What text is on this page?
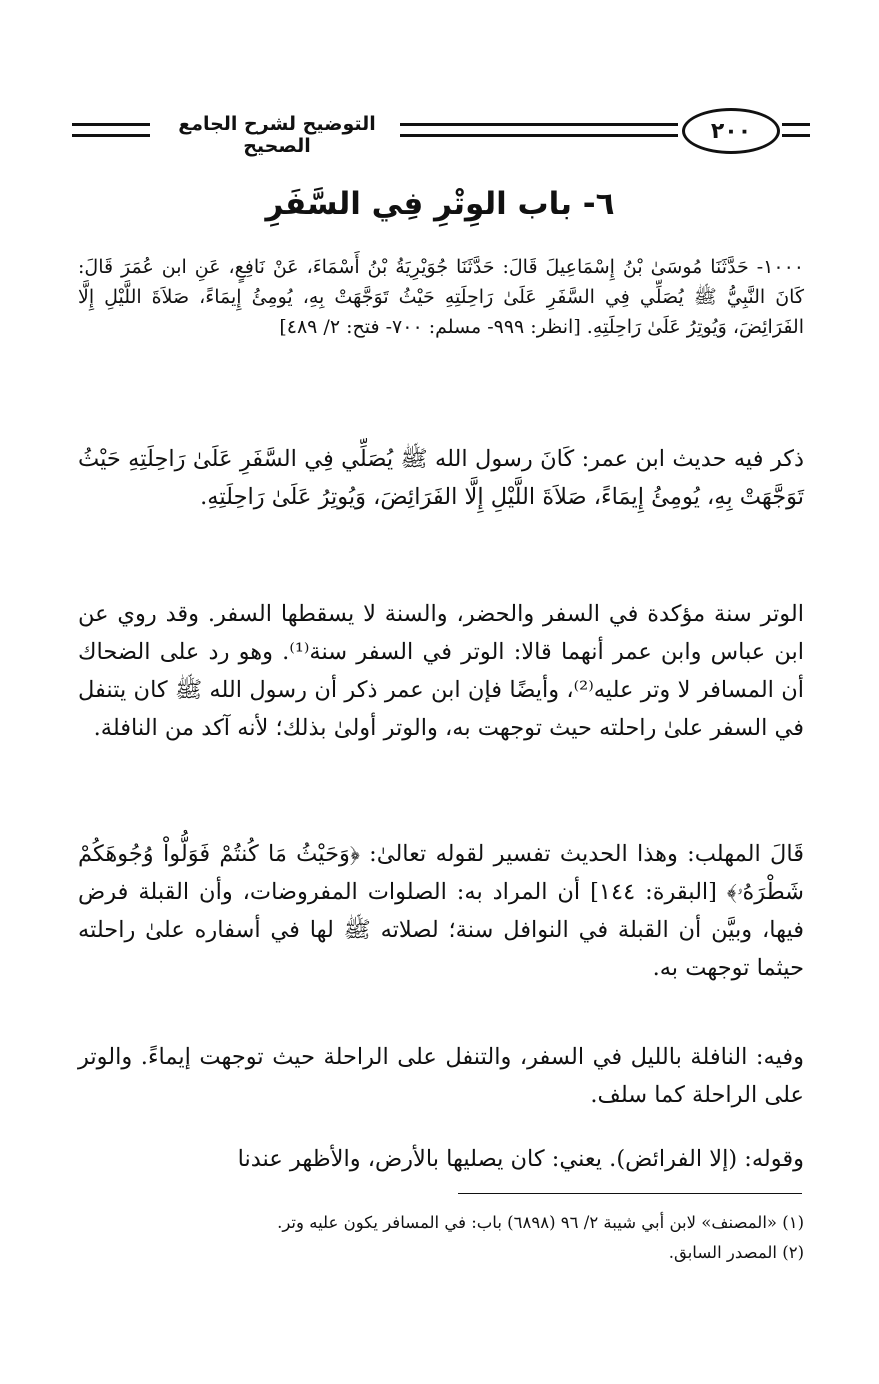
التوضيح لشرح الجامع الصحيح
٢٠٠
٦- باب الوِتْرِ فِي السَّفَرِ
١٠٠٠- حَدَّثَنَا مُوسَىٰ بْنُ إِسْمَاعِيلَ قَالَ: حَدَّثَنَا جُوَيْرِيَةُ بْنُ أَسْمَاءَ، عَنْ نَافِعٍ، عَنِ ابن عُمَرَ قَالَ: كَانَ النَّبِيُّ ﷺ يُصَلِّي فِي السَّفَرِ عَلَىٰ رَاحِلَتِهِ حَيْثُ تَوَجَّهَتْ بِهِ، يُومِئُ إِيمَاءً، صَلاَةَ اللَّيْلِ إِلَّا الفَرَائِضَ، وَيُوتِرُ عَلَىٰ رَاحِلَتِهِ. [انظر: ٩٩٩- مسلم: ٧٠٠- فتح: ٢/ ٤٨٩]
ذكر فيه حديث ابن عمر: كَانَ رسول الله ﷺ يُصَلِّي فِي السَّفَرِ عَلَىٰ رَاحِلَتِهِ حَيْثُ تَوَجَّهَتْ بِهِ، يُومِئُ إِيمَاءً، صَلاَةَ اللَّيْلِ إِلَّا الفَرَائِضَ، وَيُوتِرُ عَلَىٰ رَاحِلَتِهِ.
الوتر سنة مؤكدة في السفر والحضر، والسنة لا يسقطها السفر. وقد روي عن ابن عباس وابن عمر أنهما قالا: الوتر في السفر سنة⁽¹⁾. وهو رد على الضحاك أن المسافر لا وتر عليه⁽²⁾، وأيضًا فإن ابن عمر ذكر أن رسول الله ﷺ كان يتنفل في السفر علىٰ راحلته حيث توجهت به، والوتر أولىٰ بذلك؛ لأنه آكد من النافلة.
قَالَ المهلب: وهذا الحديث تفسير لقوله تعالىٰ: ﴿وَحَيْثُ مَا كُنتُمْ فَوَلُّواْ وُجُوهَكُمْ شَطْرَهُۥ﴾ [البقرة: ١٤٤] أن المراد به: الصلوات المفروضات، وأن القبلة فرض فيها، وبيَّن أن القبلة في النوافل سنة؛ لصلاته ﷺ لها في أسفاره علىٰ راحلته حيثما توجهت به.
وفيه: النافلة بالليل في السفر، والتنفل على الراحلة حيث توجهت إيماءً. والوتر على الراحلة كما سلف.
وقوله: (إلا الفرائض). يعني: كان يصليها بالأرض، والأظهر عندنا
(١) «المصنف» لابن أبي شيبة ٢/ ٩٦ (٦٨٩٨) باب: في المسافر يكون عليه وتر.
(٢) المصدر السابق.
